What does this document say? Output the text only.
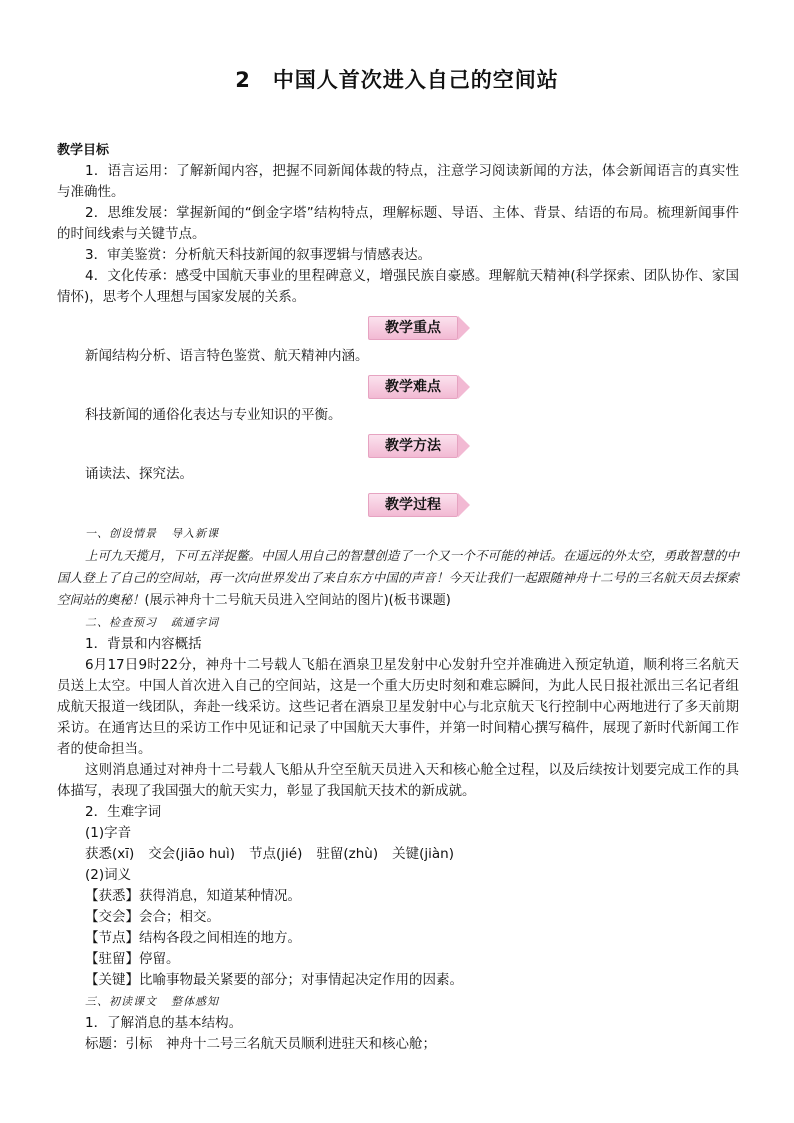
2 中国人首次进入自己的空间站
教学目标

1．语言运用：了解新闻内容，把握不同新闻体裁的特点，注意学习阅读新闻的方法，体会新闻语言的真实性与准确性。

2．思维发展：掌握新闻的“倒金字塔”结构特点，理解标题、导语、主体、背景、结语的布局。梳理新闻事件的时间线索与关键节点。

3．审美鉴赏：分析航天科技新闻的叙事逻辑与情感表达。

4．文化传承：感受中国航天事业的里程碑意义，增强民族自豪感。理解航天精神(科学探索、团队协作、家国情怀)，思考个人理想与国家发展的关系。

教学重点

新闻结构分析、语言特色鉴赏、航天精神内涵。

教学难点

科技新闻的通俗化表达与专业知识的平衡。

教学方法

诵读法、探究法。

教学过程
一、创设情景 导入新课

上可九天揽月，下可五洋捉鳖。中国人用自己的智慧创造了一个又一个不可能的神话。在遥远的外太空，勇敢智慧的中国人登上了自己的空间站，再一次向世界发出了来自东方中国的声音！今天让我们一起跟随神舟十二号的三名航天员去探索空间站的奥秘！(展示神舟十二号航天员进入空间站的图片)(板书课题)

二、检查预习 疏通字词

1．背景和内容概括

6月17日9时22分，神舟十二号载人飞船在酒泉卫星发射中心发射升空并准确进入预定轨道，顺利将三名航天员送上太空。中国人首次进入自己的空间站，这是一个重大历史时刻和难忘瞬间，为此人民日报社派出三名记者组成航天报道一线团队，奔赴一线采访。这些记者在酒泉卫星发射中心与北京航天飞行控制中心两地进行了多天前期采访。在通宵达旦的采访工作中见证和记录了中国航天大事件，并第一时间精心撰写稿件，展现了新时代新闻工作者的使命担当。

这则消息通过对神舟十二号载人飞船从升空至航天员进入天和核心舱全过程，以及后续按计划要完成工作的具体描写，表现了我国强大的航天实力，彰显了我国航天技术的新成就。

2．生难字词

(1)字音

获悉(xī) 交会(jiāo huì) 节点(jié) 驻留(zhù) 关键(jiàn)

(2)词义

【获悉】获得消息，知道某种情况。

【交会】会合；相交。

【节点】结构各段之间相连的地方。

【驻留】停留。

【关键】比喻事物最关紧要的部分；对事情起决定作用的因素。

三、初读课文 整体感知

1．了解消息的基本结构。

标题：引标　神舟十二号三名航天员顺利进驻天和核心舱；
